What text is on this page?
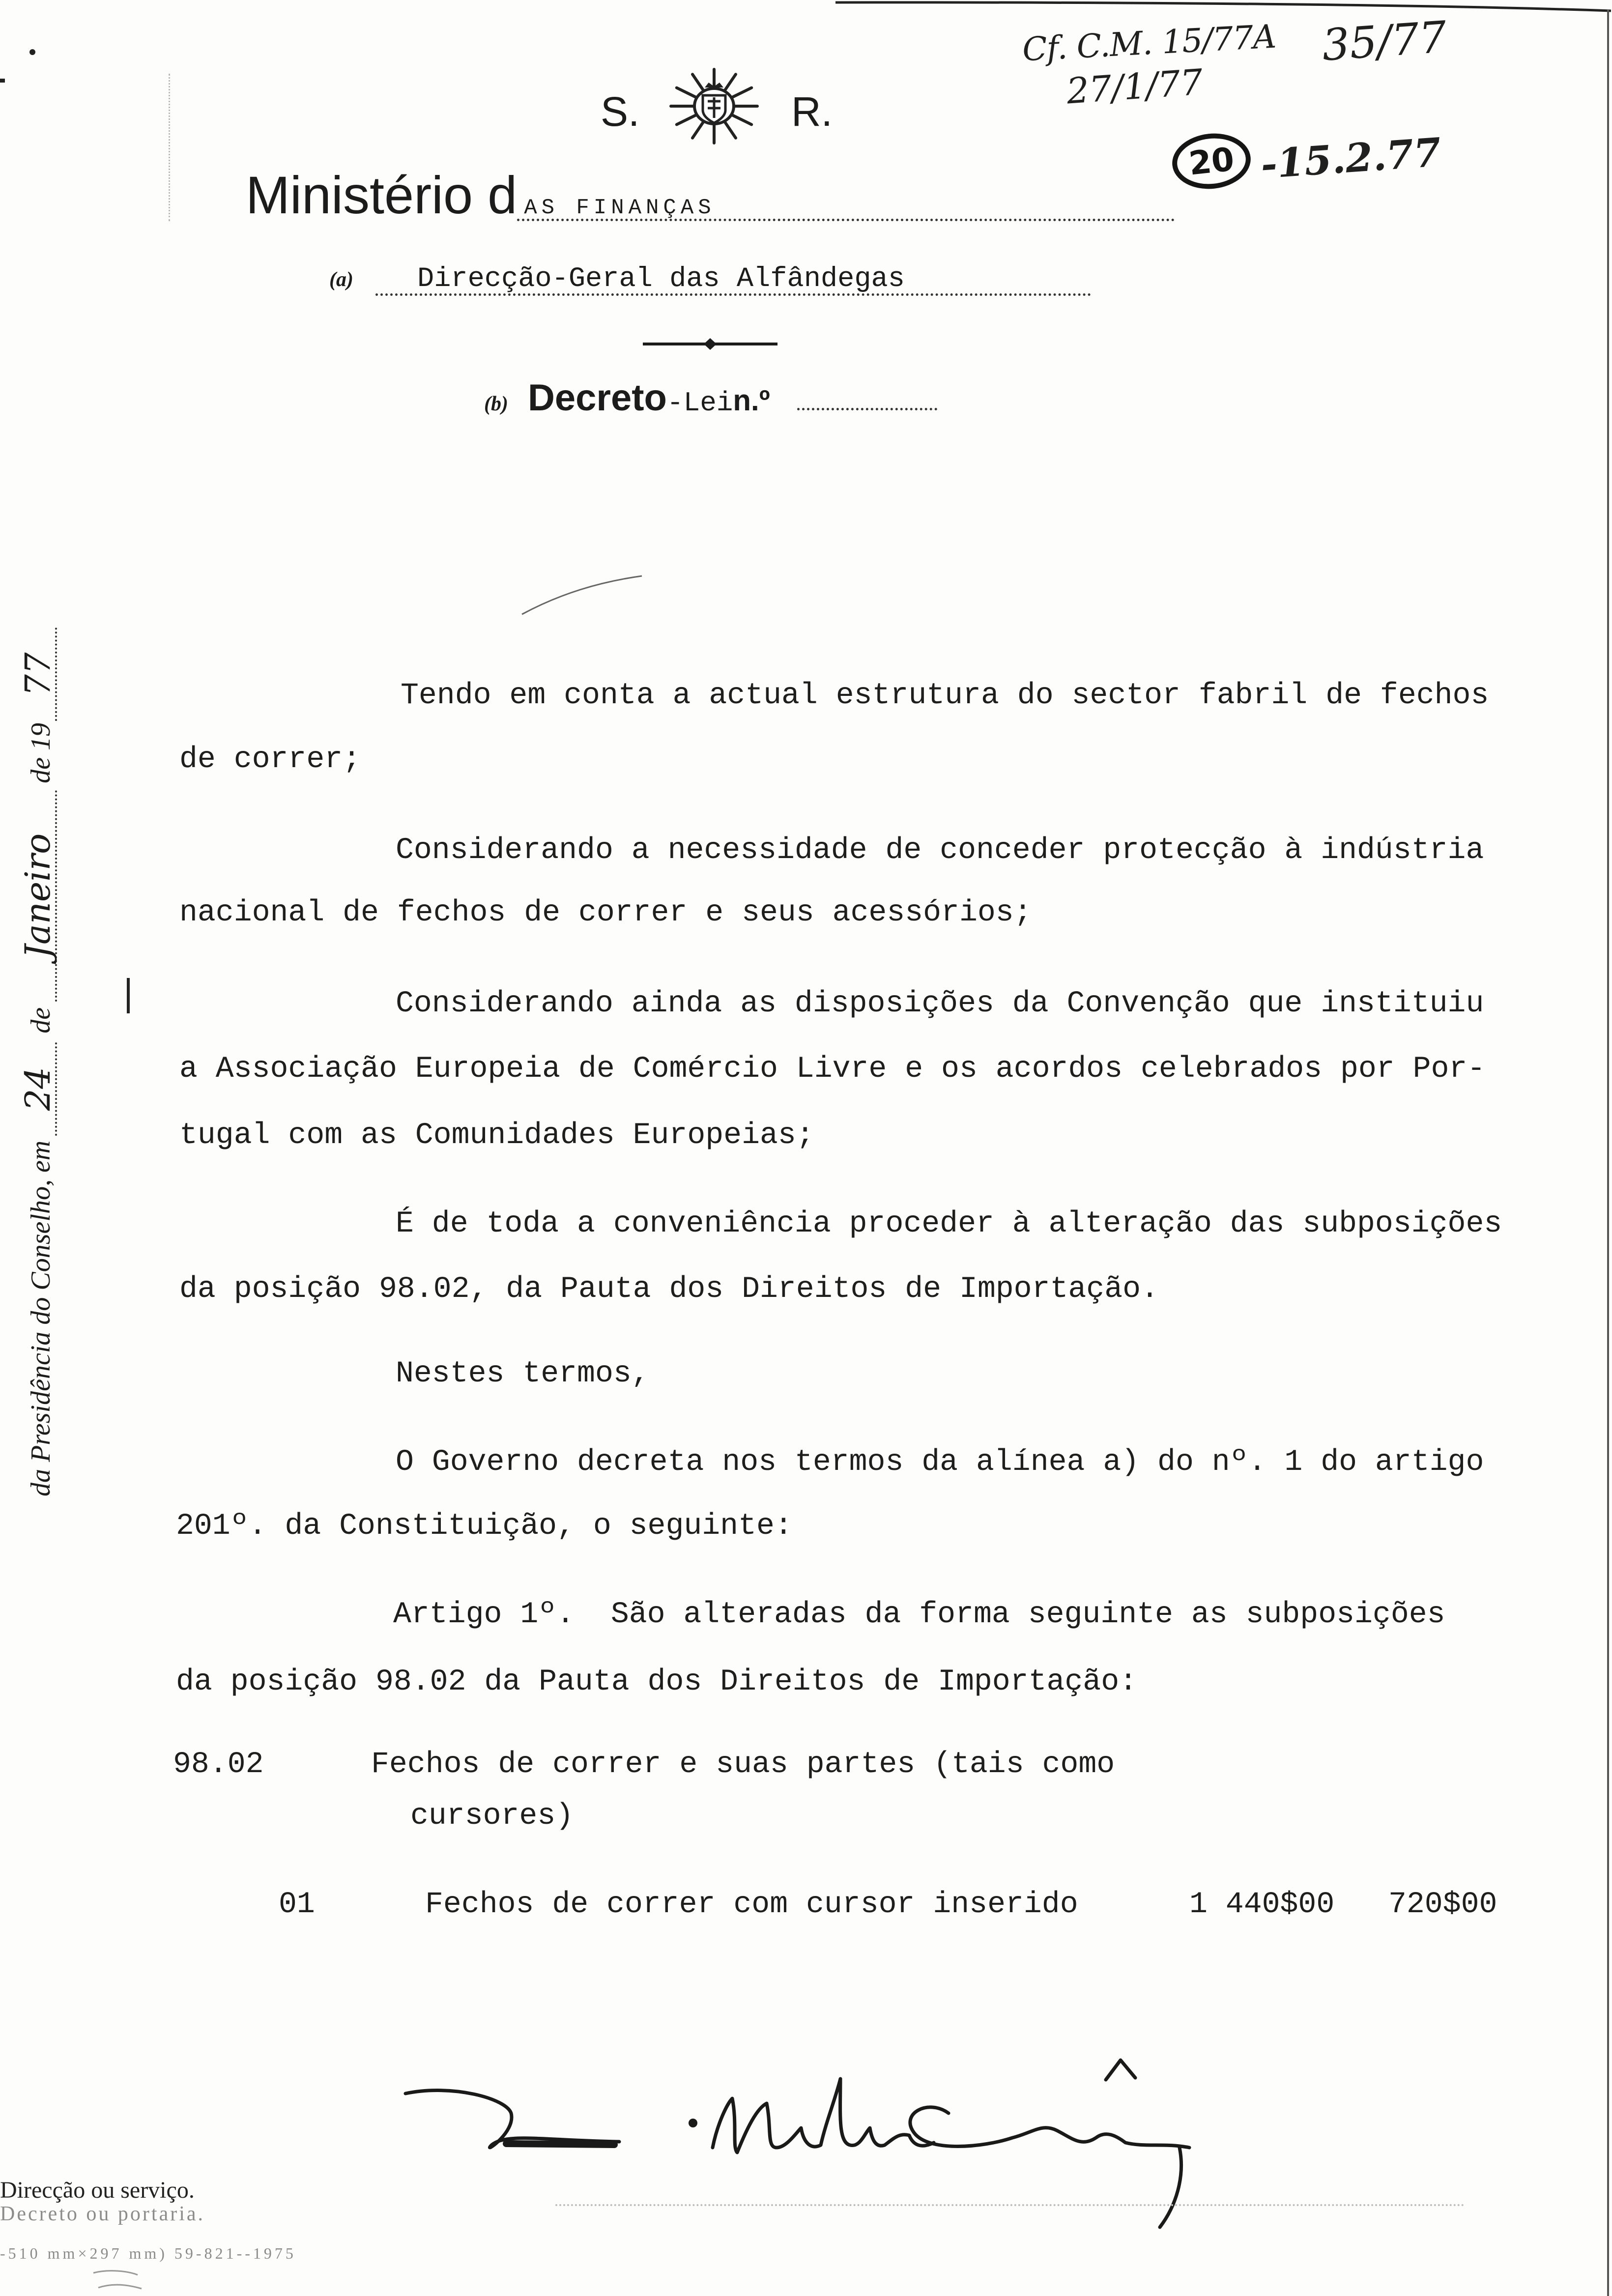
Cf. C.M. 15/77A 35/77
27/1/77
20 -15.2.77
S.	R.
Ministério d AS FINANÇAS
(a)	Direcção-Geral das Alfândegas
(b) Decreto -Lei n.º
da Presidência do Conselho, em
24
de
Janeiro
de 19
77	Tendo em conta a actual estrutura do sector fabril de fechos
de correr;
Considerando a necessidade de conceder protecção à indústria
nacional de fechos de correr e seus acessórios;
Considerando ainda as disposições da Convenção que instituiu
a Associação Europeia de Comércio Livre e os acordos celebrados por Por-
tugal com as Comunidades Europeias;
É de toda a conveniência proceder à alteração das subposições
da posição 98.02, da Pauta dos Direitos de Importação.
Nestes termos,
O Governo decreta nos termos da alínea a) do nº. 1 do artigo
201º. da Constituição, o seguinte:
Artigo 1º.  São alteradas da forma seguinte as subposições
da posição 98.02 da Pauta dos Direitos de Importação:
98.02	Fechos de correr e suas partes (tais como
cursores)
01	Fechos de correr com cursor inserido	1 440$00 720$00
Direcção ou serviço.
Decreto ou portaria.
-510 mm×297 mm) 59-821--1975
